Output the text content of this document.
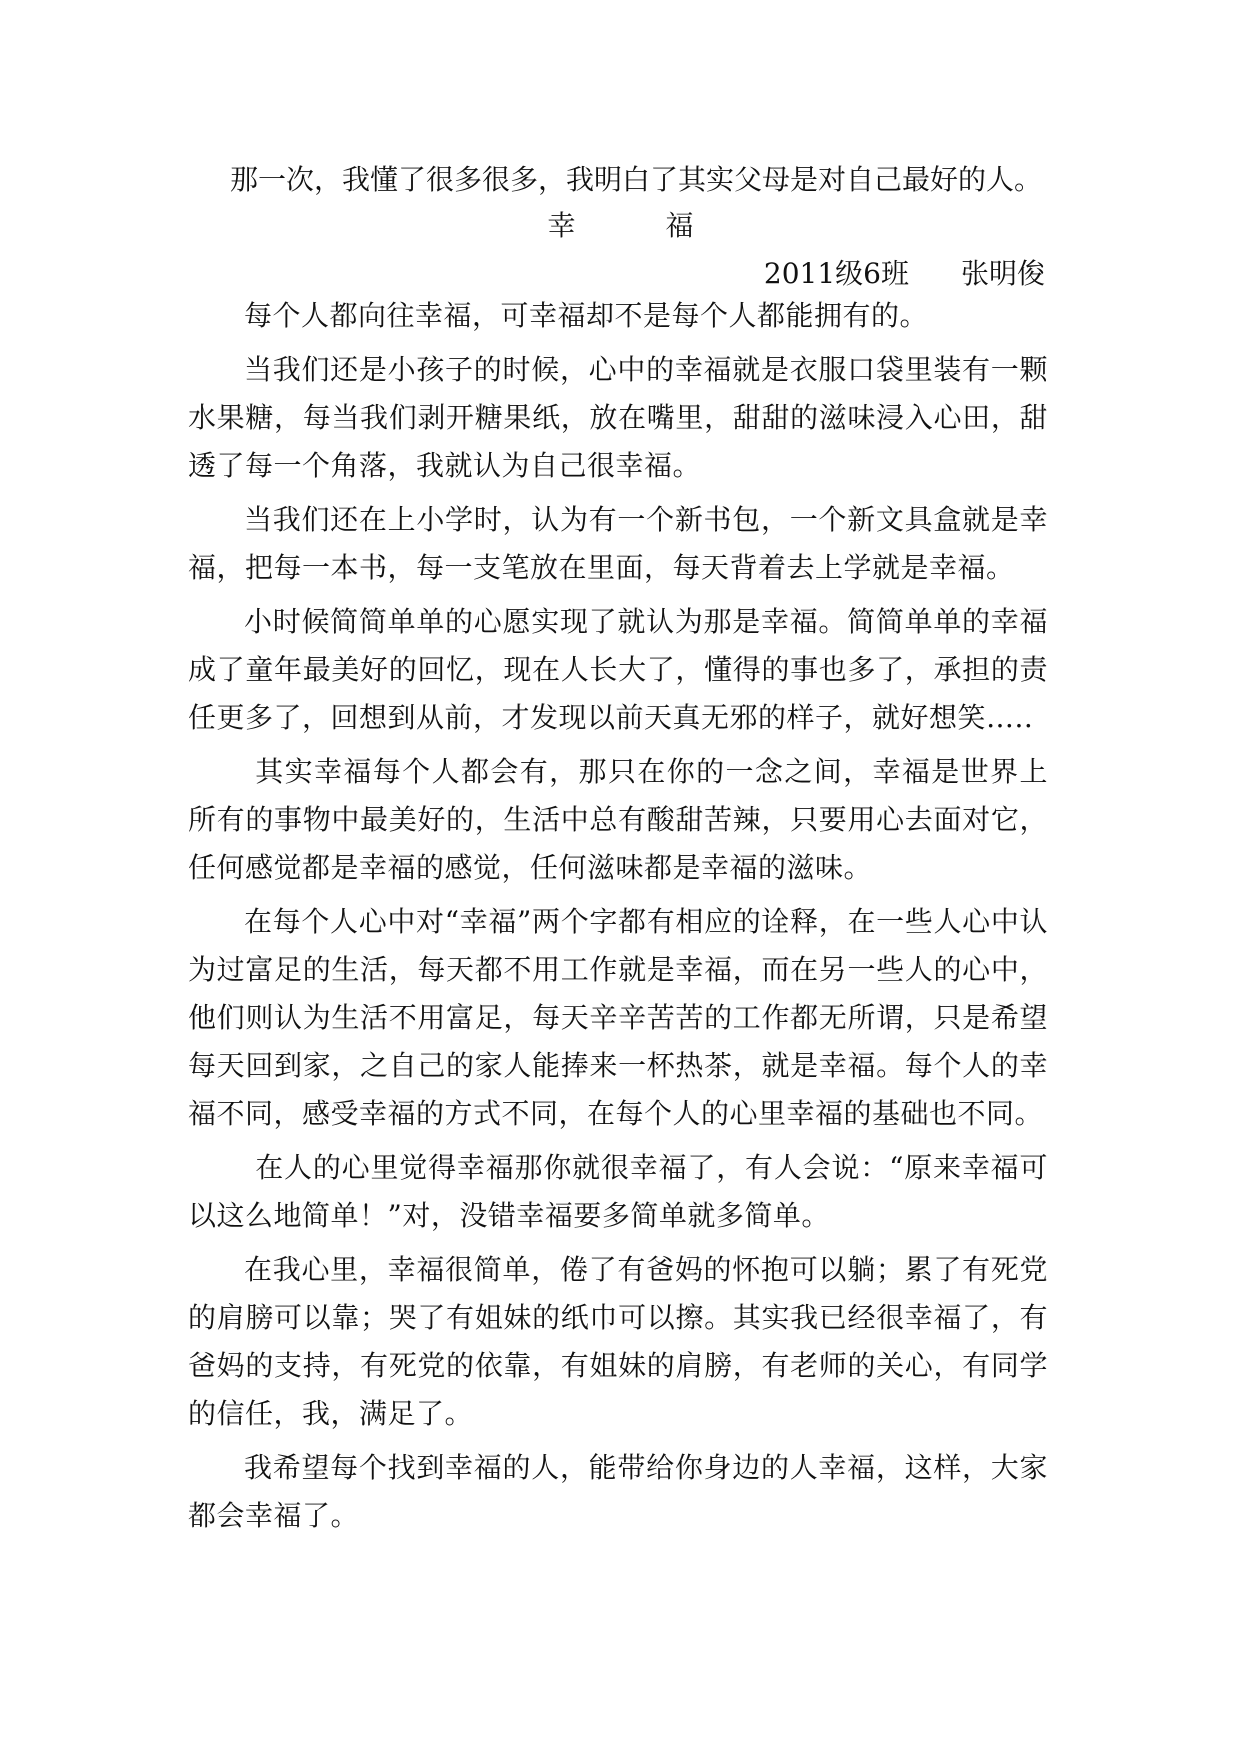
那一次，我懂了很多很多，我明白了其实父母是对自己最好的人。
幸	福
2011级6班 张明俊

每个人都向往幸福，可幸福却不是每个人都能拥有的。

当我们还是小孩子的时候，心中的幸福就是衣服口袋里装有一颗水果糖，每当我们剥开糖果纸，放在嘴里，甜甜的滋味浸入心田，甜透了每一个角落，我就认为自己很幸福。

当我们还在上小学时，认为有一个新书包，一个新文具盒就是幸福，把每一本书，每一支笔放在里面，每天背着去上学就是幸福。

小时候简简单单的心愿实现了就认为那是幸福。简简单单的幸福成了童年最美好的回忆，现在人长大了，懂得的事也多了，承担的责任更多了，回想到从前，才发现以前天真无邪的样子，就好想笑…..

其实幸福每个人都会有，那只在你的一念之间，幸福是世界上所有的事物中最美好的，生活中总有酸甜苦辣，只要用心去面对它，任何感觉都是幸福的感觉，任何滋味都是幸福的滋味。

在每个人心中对“幸福”两个字都有相应的诠释，在一些人心中认为过富足的生活，每天都不用工作就是幸福，而在另一些人的心中，他们则认为生活不用富足，每天辛辛苦苦的工作都无所谓，只是希望每天回到家，之自己的家人能捧来一杯热茶，就是幸福。每个人的幸福不同，感受幸福的方式不同，在每个人的心里幸福的基础也不同。

在人的心里觉得幸福那你就很幸福了，有人会说：“原来幸福可以这么地简单！”对，没错幸福要多简单就多简单。

在我心里，幸福很简单，倦了有爸妈的怀抱可以躺；累了有死党的肩膀可以靠；哭了有姐妹的纸巾可以擦。其实我已经很幸福了，有爸妈的支持，有死党的依靠，有姐妹的肩膀，有老师的关心，有同学的信任，我，满足了。

我希望每个找到幸福的人，能带给你身边的人幸福，这样，大家都会幸福了。
